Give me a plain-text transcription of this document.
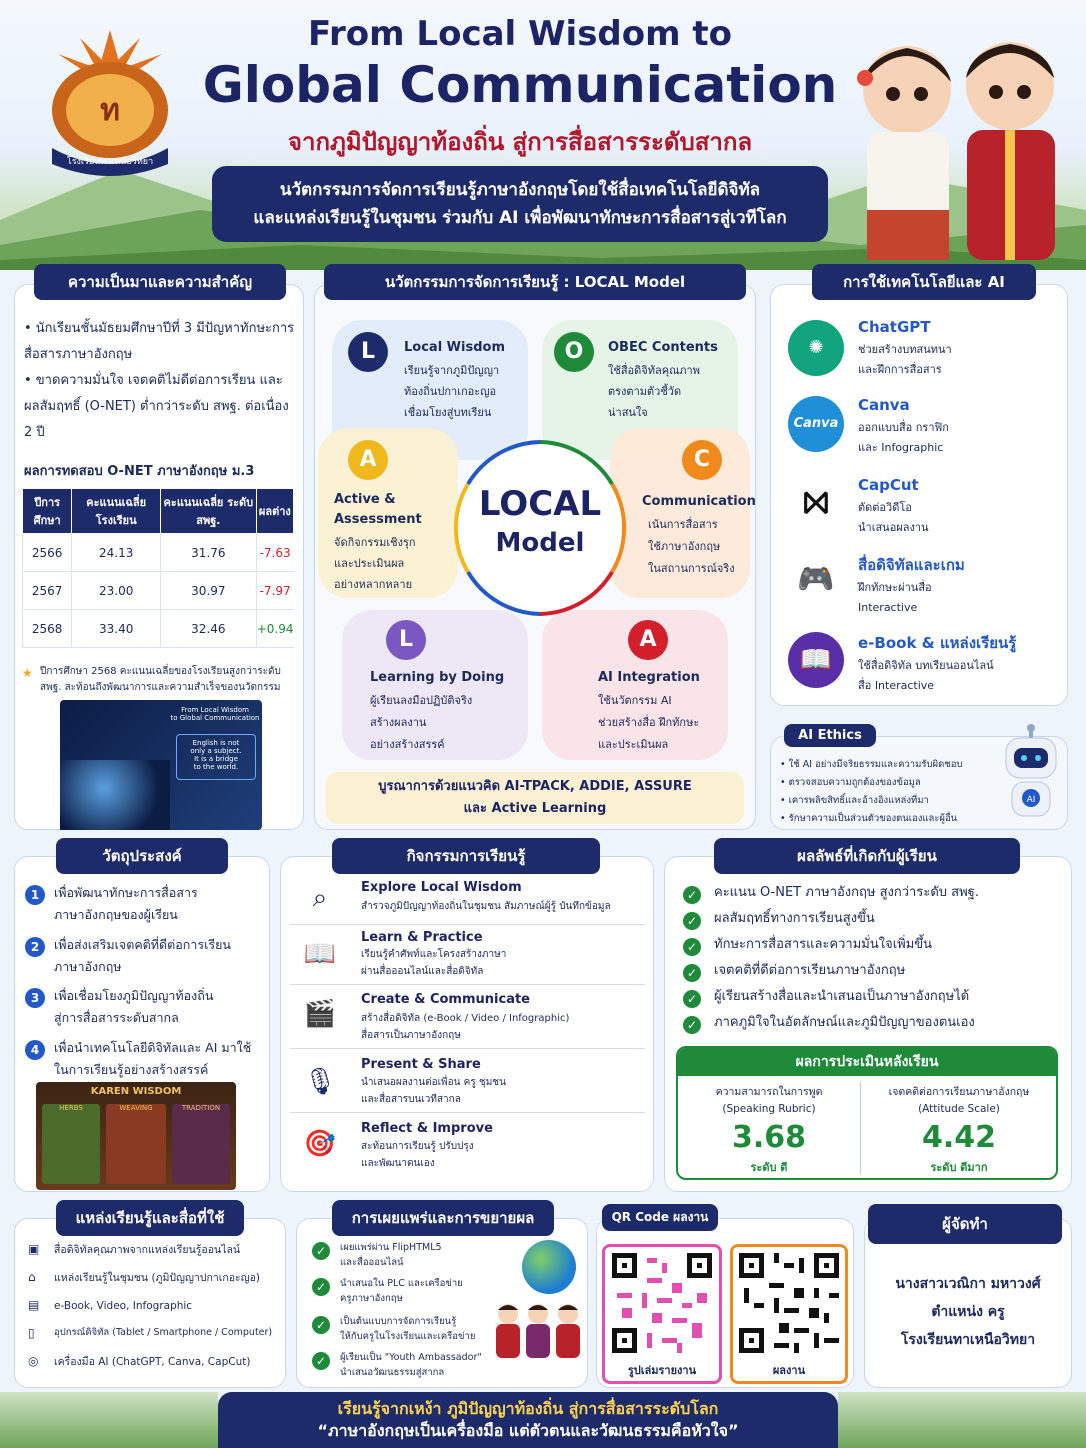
ท
โรงเรียนทาเหนือวิทยา
From Local Wisdom to
Global Communication
จากภูมิปัญญาท้องถิ่น สู่การสื่อสารระดับสากล
นวัตกรรมการจัดการเรียนรู้ภาษาอังกฤษโดยใช้สื่อเทคโนโลยีดิจิทัล
และแหล่งเรียนรู้ในชุมชน ร่วมกับ AI เพื่อพัฒนาทักษะการสื่อสารสู่เวทีโลก
ความเป็นมาและความสำคัญ
• นักเรียนชั้นมัธยมศึกษาปีที่ 3 มีปัญหาทักษะการสื่อสารภาษาอังกฤษ
• ขาดความมั่นใจ เจตคติไม่ดีต่อการเรียน และผลสัมฤทธิ์ (O-NET) ต่ำกว่าระดับ สพฐ. ต่อเนื่อง 2 ปี
ผลการทดสอบ O-NET ภาษาอังกฤษ ม.3
ปีการศึกษา	คะแนนเฉลี่ย โรงเรียน	คะแนนเฉลี่ย ระดับ สพฐ.	ผลต่าง
2566	24.13	31.76	-7.63
2567	23.00	30.97	-7.97
2568	33.40	32.46	+0.94
★ ปีการศึกษา 2568 คะแนนเฉลี่ยของโรงเรียนสูงกว่าระดับ สพฐ. สะท้อนถึงพัฒนาการและความสำเร็จของนวัตกรรม
From Local Wisdom
to Global Communication
English is not
only a subject.
It is a bridge
to the world.
นวัตกรรมการจัดการเรียนรู้ : LOCAL Model
LOCAL
Model
L	Local Wisdom
เรียนรู้จากภูมิปัญญา
ท้องถิ่นปกาเกอะญอ
เชื่อมโยงสู่บทเรียน
O	OBEC Contents
ใช้สื่อดิจิทัลคุณภาพ
ตรงตามตัวชี้วัด
น่าสนใจ
A
Active &
Assessment
จัดกิจกรรมเชิงรุก
และประเมินผล
อย่างหลากหลาย
C
Communication
เน้นการสื่อสาร
ใช้ภาษาอังกฤษ
ในสถานการณ์จริง
L
Learning by Doing
ผู้เรียนลงมือปฏิบัติจริง
สร้างผลงาน
อย่างสร้างสรรค์
A
AI Integration
ใช้นวัตกรรม AI
ช่วยสร้างสื่อ ฝึกทักษะ
และประเมินผล
บูรณาการด้วยแนวคิด AI-TPACK, ADDIE, ASSURE
และ Active Learning
การใช้เทคโนโลยีและ AI
✺
ChatGPT
ช่วยสร้างบทสนทนา
และฝึกการสื่อสาร
Canva
Canva
ออกแบบสื่อ กราฟิก
และ Infographic
⨝	CapCut
ตัดต่อวิดีโอ
นำเสนอผลงาน
🎮	สื่อดิจิทัลและเกม
ฝึกทักษะผ่านสื่อ
Interactive
📖
e-Book & แหล่งเรียนรู้
ใช้สื่อดิจิทัล บทเรียนออนไลน์
สื่อ Interactive
AI Ethics
• ใช้ AI อย่างมีจริยธรรมและความรับผิดชอบ
• ตรวจสอบความถูกต้องของข้อมูล
• เคารพลิขสิทธิ์และอ้างอิงแหล่งที่มา
• รักษาความเป็นส่วนตัวของตนเองและผู้อื่น
AI
วัตถุประสงค์
1	เพื่อพัฒนาทักษะการสื่อสาร
ภาษาอังกฤษของผู้เรียน
2	เพื่อส่งเสริมเจตคติที่ดีต่อการเรียน
ภาษาอังกฤษ
3	เพื่อเชื่อมโยงภูมิปัญญาท้องถิ่น
สู่การสื่อสารระดับสากล
4	เพื่อนำเทคโนโลยีดิจิทัลและ AI มาใช้
ในการเรียนรู้อย่างสร้างสรรค์
KAREN WISDOM
HERBS	WEAVING	TRADITION
กิจกรรมการเรียนรู้
⌕	Explore Local Wisdom
สำรวจภูมิปัญญาท้องถิ่นในชุมชน สัมภาษณ์ผู้รู้ บันทึกข้อมูล
📖
Learn & Practice
เรียนรู้คำศัพท์และโครงสร้างภาษา
ผ่านสื่อออนไลน์และสื่อดิจิทัล
🎬	Create & Communicate
สร้างสื่อดิจิทัล (e-Book / Video / Infographic)
สื่อสารเป็นภาษาอังกฤษ
🎙
Present & Share
นำเสนอผลงานต่อเพื่อน ครู ชุมชน
และสื่อสารบนเวทีสากล
🎯
Reflect & Improve
สะท้อนการเรียนรู้ ปรับปรุง
และพัฒนาตนเอง
ผลลัพธ์ที่เกิดกับผู้เรียน
✓	คะแนน O-NET ภาษาอังกฤษ สูงกว่าระดับ สพฐ.
✓	ผลสัมฤทธิ์ทางการเรียนสูงขึ้น
✓	ทักษะการสื่อสารและความมั่นใจเพิ่มขึ้น
✓	เจตคติที่ดีต่อการเรียนภาษาอังกฤษ
✓	ผู้เรียนสร้างสื่อและนำเสนอเป็นภาษาอังกฤษได้
✓	ภาคภูมิใจในอัตลักษณ์และภูมิปัญญาของตนเอง
ผลการประเมินหลังเรียน
ความสามารถในการพูด
(Speaking Rubric)
3.68
ระดับ ดี
เจตคติต่อการเรียนภาษาอังกฤษ
(Attitude Scale)
4.42
ระดับ ดีมาก
แหล่งเรียนรู้และสื่อที่ใช้
▣ สื่อดิจิทัลคุณภาพจากแหล่งเรียนรู้ออนไลน์
⌂ แหล่งเรียนรู้ในชุมชน (ภูมิปัญญาปกาเกอะญอ)
▤ e-Book, Video, Infographic
▯ อุปกรณ์ดิจิทัล (Tablet / Smartphone / Computer)
◎ เครื่องมือ AI (ChatGPT, Canva, CapCut)
การเผยแพร่และการขยายผล
✓	เผยแพร่ผ่าน FlipHTML5
และสื่อออนไลน์
✓	นำเสนอใน PLC และเครือข่าย
ครูภาษาอังกฤษ
✓	เป็นต้นแบบการจัดการเรียนรู้
ให้กับครูในโรงเรียนและเครือข่าย
✓	ผู้เรียนเป็น "Youth Ambassador"
นำเสนอวัฒนธรรมสู่สากล
QR Code ผลงาน
รูปเล่มรายงาน	ผลงาน
ผู้จัดทำ
นางสาวเวณิกา มหาวงศ์
ตำแหน่ง ครู
โรงเรียนทาเหนือวิทยา
เรียนรู้จากเหง้า ภูมิปัญญาท้องถิ่น สู่การสื่อสารระดับโลก
“ภาษาอังกฤษเป็นเครื่องมือ แต่ตัวตนและวัฒนธรรมคือหัวใจ”
